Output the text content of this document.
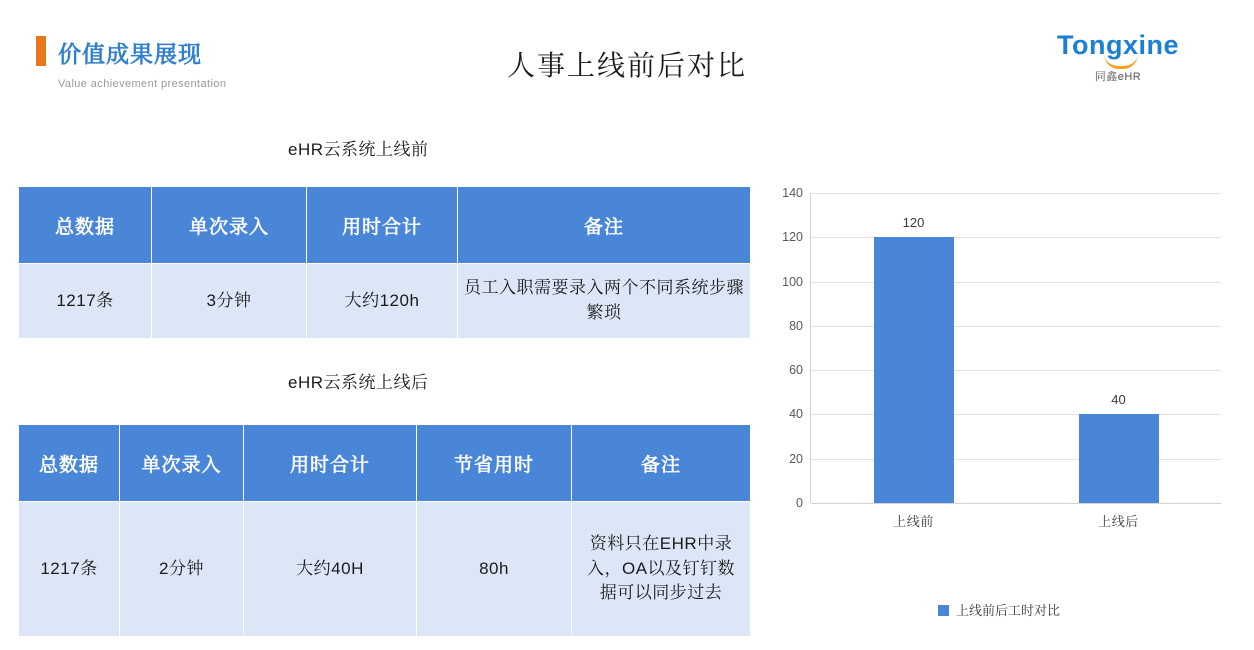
价值成果展现
Value achievement presentation
人事上线前后对比
Tongxine
同鑫eHR
eHR云系统上线前
总数据	单次录入	用时合计	备注
1217条	3分钟	大约120h	员工入职需要录入两个不同系统步骤繁琐
eHR云系统上线后
总数据	单次录入	用时合计	节省用时	备注
1217条	2分钟	大约40H	80h	资料只在EHR中录入，OA以及钉钉数据可以同步过去
0
20
40
60
80
100
120
140
120
上线前
40
上线后
上线前后工时对比
